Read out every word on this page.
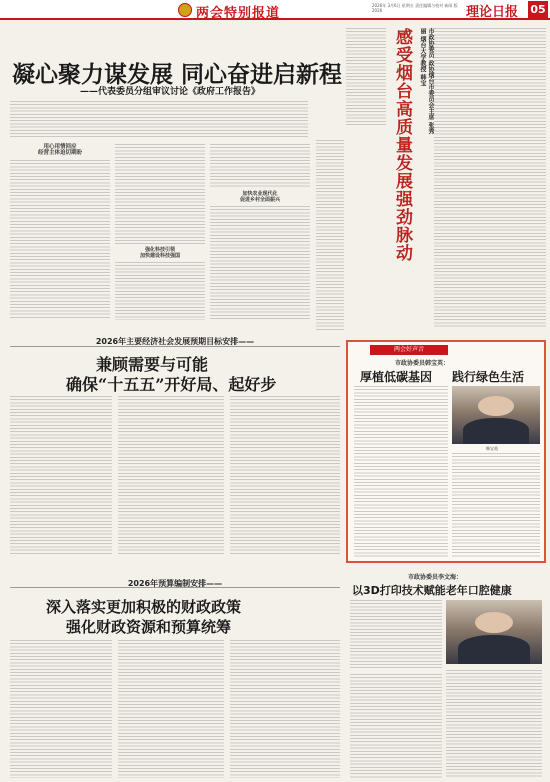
两会特别报道
2026年 3月6日 星期五 责任编辑与校对 新闻 版 2026	理论日报 05
凝心聚力谋发展 同心奋进启新程
——代表委员分组审议讨论《政府工作报告》
用心用情回应
经营主体迫切期盼
强化科技引领
加快建设科技强国
加快农业现代化
促进乡村全面振兴	感受烟台高质量发展强劲脉动	市政协委员 政协烟台市委员会主席 张秀丽 烟台大学教授 韩宝
两会好声音
市政协委员韩宝英：
厚植低碳基因 践行绿色生活
韩宝英
2026年主要经济社会发展预期目标安排——
兼顾需要与可能
确保“十五五”开好局、起好步
2026年预算编制安排——
深入落实更加积极的财政政策
强化财政资源和预算统筹
市政协委员李文海：
以3D打印技术赋能老年口腔健康
